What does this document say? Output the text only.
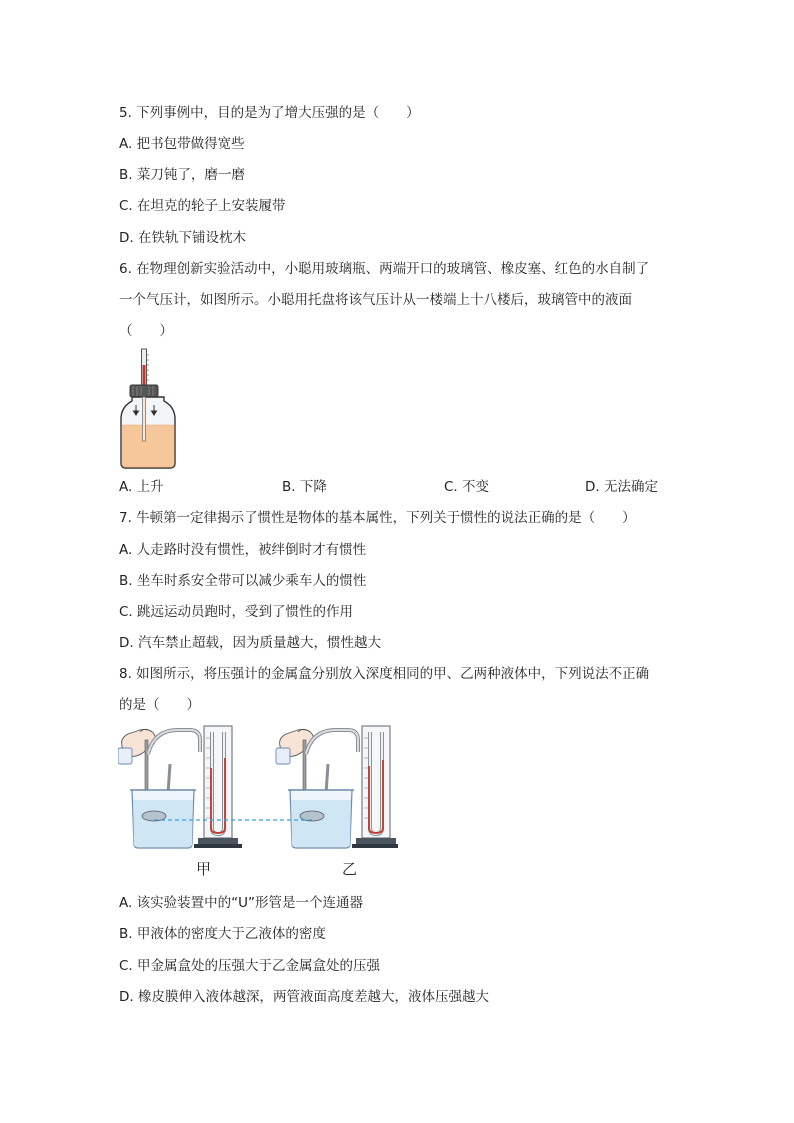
5. 下列事例中，目的是为了增大压强的是（　　）
A. 把书包带做得宽些
B. 菜刀钝了，磨一磨
C. 在坦克的轮子上安装履带
D. 在铁轨下铺设枕木
6. 在物理创新实验活动中，小聪用玻璃瓶、两端开口的玻璃管、橡皮塞、红色的水自制了
一个气压计，如图所示。小聪用托盘将该气压计从一楼端上十八楼后，玻璃管中的液面
（　　）
A. 上升	B. 下降	C. 不变	D. 无法确定
7. 牛顿第一定律揭示了惯性是物体的基本属性，下列关于惯性的说法正确的是（　　）
A. 人走路时没有惯性，被绊倒时才有惯性
B. 坐车时系安全带可以减少乘车人的惯性
C. 跳远运动员跑时，受到了惯性的作用
D. 汽车禁止超载，因为质量越大，惯性越大
8. 如图所示，将压强计的金属盒分别放入深度相同的甲、乙两种液体中，下列说法不正确
的是（　　）
甲	乙
A. 该实验装置中的“U”形管是一个连通器
B. 甲液体的密度大于乙液体的密度
C. 甲金属盒处的压强大于乙金属盒处的压强
D. 橡皮膜伸入液体越深，两管液面高度差越大，液体压强越大
